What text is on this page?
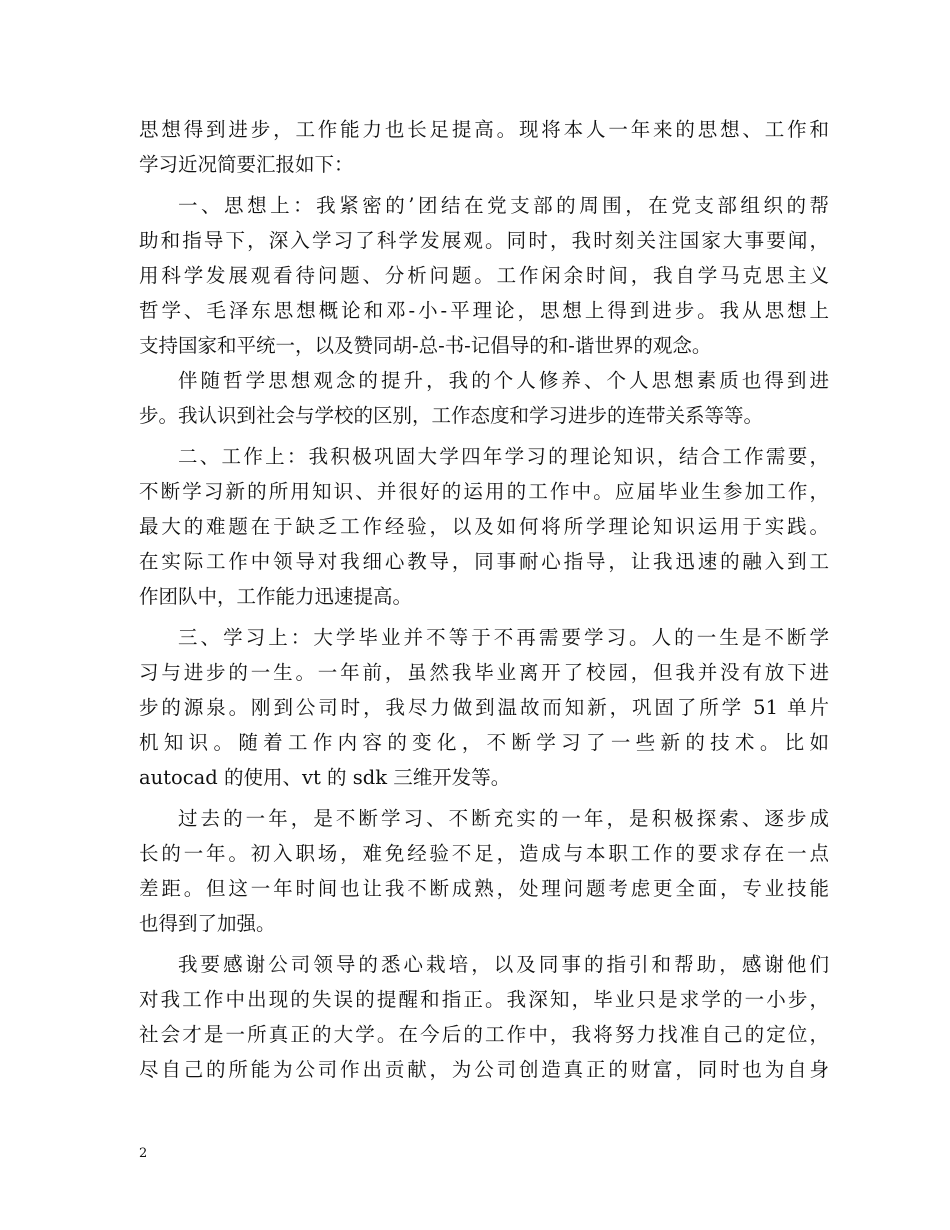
思想得到进步，工作能力也长足提高。现将本人一年来的思想、工作和
学习近况简要汇报如下：
一、思想上：我紧密的’团结在党支部的周围，在党支部组织的帮
助和指导下，深入学习了科学发展观。同时，我时刻关注国家大事要闻，
用科学发展观看待问题、分析问题。工作闲余时间，我自学马克思主义
哲学、毛泽东思想概论和邓-小-平理论，思想上得到进步。我从思想上
支持国家和平统一，以及赞同胡-总-书-记倡导的和-谐世界的观念。
伴随哲学思想观念的提升，我的个人修养、个人思想素质也得到进
步。我认识到社会与学校的区别，工作态度和学习进步的连带关系等等。
二、工作上：我积极巩固大学四年学习的理论知识，结合工作需要，
不断学习新的所用知识、并很好的运用的工作中。应届毕业生参加工作，
最大的难题在于缺乏工作经验，以及如何将所学理论知识运用于实践。
在实际工作中领导对我细心教导，同事耐心指导，让我迅速的融入到工
作团队中，工作能力迅速提高。
三、学习上：大学毕业并不等于不再需要学习。人的一生是不断学
习与进步的一生。一年前，虽然我毕业离开了校园，但我并没有放下进
步的源泉。刚到公司时，我尽力做到温故而知新，巩固了所学 51 单片
机知识。随着工作内容的变化，不断学习了一些新的技术。比如
autocad 的使用、vt 的 sdk 三维开发等。
过去的一年，是不断学习、不断充实的一年，是积极探索、逐步成
长的一年。初入职场，难免经验不足，造成与本职工作的要求存在一点
差距。但这一年时间也让我不断成熟，处理问题考虑更全面，专业技能
也得到了加强。
我要感谢公司领导的悉心栽培，以及同事的指引和帮助，感谢他们
对我工作中出现的失误的提醒和指正。我深知，毕业只是求学的一小步，
社会才是一所真正的大学。在今后的工作中，我将努力找准自己的定位，
尽自己的所能为公司作出贡献，为公司创造真正的财富，同时也为自身
2
